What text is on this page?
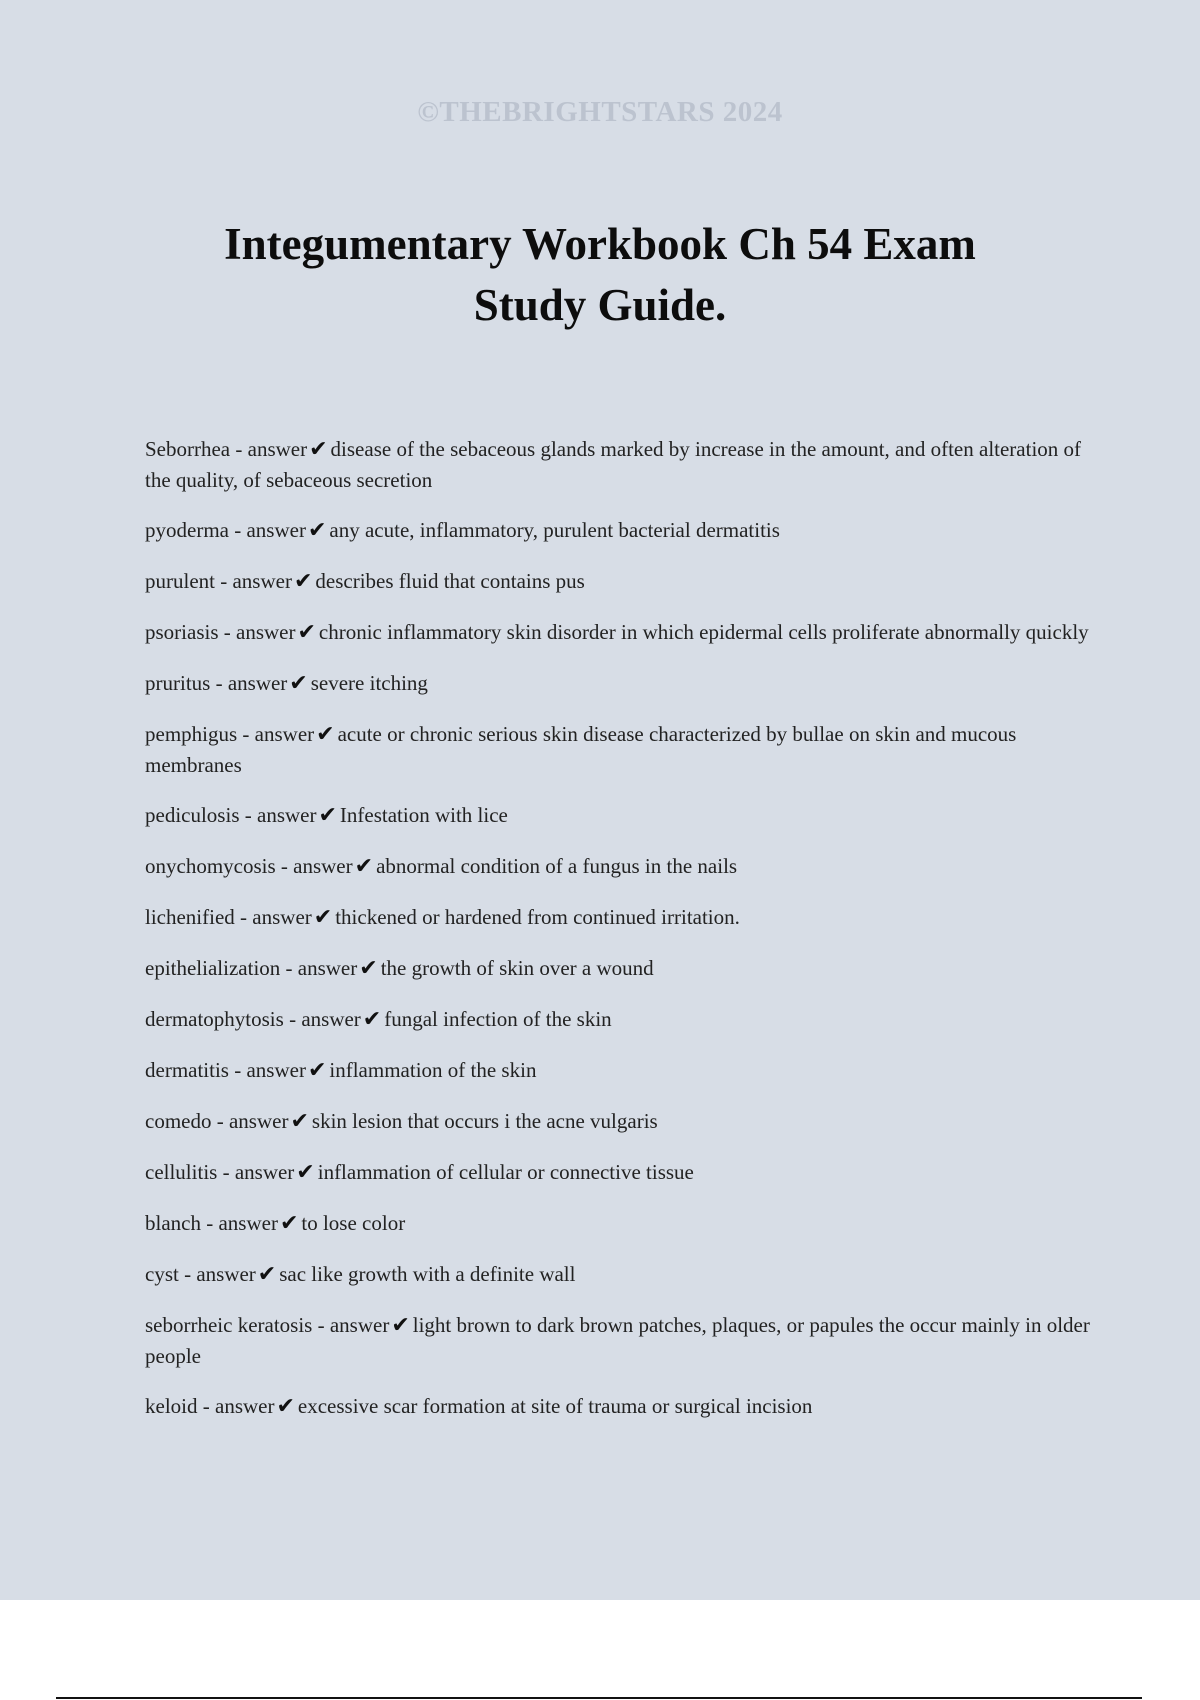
©THEBRIGHTSTARS 2024
Integumentary Workbook Ch 54 Exam
Study Guide.
Seborrhea - answer✔ disease of the sebaceous glands marked by increase in the amount, and often alteration of the quality, of sebaceous secretion
pyoderma - answer✔ any acute, inflammatory, purulent bacterial dermatitis
purulent - answer✔ describes fluid that contains pus
psoriasis - answer✔ chronic inflammatory skin disorder in which epidermal cells proliferate abnormally quickly
pruritus - answer✔ severe itching
pemphigus - answer✔ acute or chronic serious skin disease characterized by bullae on skin and mucous membranes
pediculosis - answer✔ Infestation with lice
onychomycosis - answer✔ abnormal condition of a fungus in the nails
lichenified - answer✔ thickened or hardened from continued irritation.
epithelialization - answer✔ the growth of skin over a wound
dermatophytosis - answer✔ fungal infection of the skin
dermatitis - answer✔ inflammation of the skin
comedo - answer✔ skin lesion that occurs i the acne vulgaris
cellulitis - answer✔ inflammation of cellular or connective tissue
blanch - answer✔ to lose color
cyst - answer✔ sac like growth with a definite wall
seborrheic keratosis - answer✔ light brown to dark brown patches, plaques, or papules the occur mainly in older people
keloid - answer✔ excessive scar formation at site of trauma or surgical incision
